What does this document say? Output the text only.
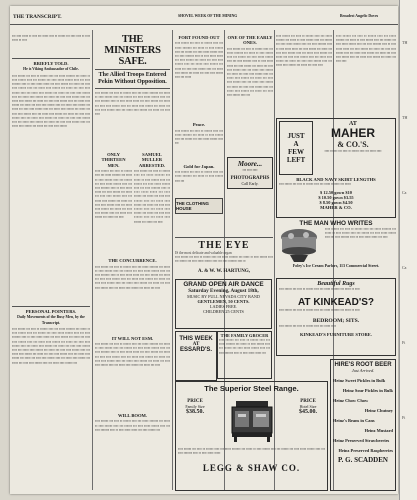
THE TRANSCRIPT.	SHOVEL WEEK OF THE MINING	Broadest Angelic Doves
▪▪▪ ▪▪▪▪ ▪▪▪▪▪ ▪▪ ▪▪▪▪ ▪▪▪ ▪▪▪▪▪ ▪▪▪▪ ▪▪ ▪▪▪▪▪▪ ▪▪▪ ▪▪▪▪ ▪▪▪▪ ▪▪ ▪▪▪▪ ▪▪▪▪▪ ▪▪ ▪▪▪▪
BRIEFLY TOLD.
He is Viking Ambassador of Chile.
▪▪▪▪ ▪▪▪▪▪▪ ▪▪▪ ▪▪▪▪ ▪▪ ▪▪▪▪▪▪ ▪▪▪▪ ▪▪▪ ▪▪▪▪▪ ▪▪▪▪▪▪▪ ▪▪▪ ▪▪▪▪▪ ▪▪ ▪▪▪▪ ▪▪▪▪▪▪ ▪▪▪▪ ▪▪▪ ▪▪▪▪▪▪ ▪▪▪ ▪▪▪▪ ▪▪▪▪▪ ▪▪▪▪▪▪ ▪▪▪▪ ▪▪▪ ▪▪▪▪ ▪▪▪▪▪▪▪ ▪▪▪▪ ▪▪ ▪▪▪▪ ▪▪▪▪▪ ▪▪▪▪▪ ▪▪▪ ▪▪▪▪ ▪▪▪▪▪▪ ▪▪▪ ▪▪▪▪▪ ▪▪▪ ▪▪▪▪ ▪▪▪▪ ▪▪▪▪▪▪ ▪▪▪▪ ▪▪▪ ▪▪▪▪▪ ▪▪▪▪ ▪▪▪▪▪▪ ▪▪▪ ▪▪▪▪▪ ▪▪▪ ▪▪▪▪ ▪▪▪▪ ▪▪▪▪▪▪ ▪▪▪▪ ▪▪▪ ▪▪▪▪▪ ▪▪▪▪ ▪▪▪▪▪▪ ▪▪▪ ▪▪▪▪▪ ▪▪▪ ▪▪▪▪ ▪▪▪▪ ▪▪▪▪▪▪ ▪▪▪▪ ▪▪▪ ▪▪▪▪▪ ▪▪▪▪ ▪▪▪▪▪▪ ▪▪▪ ▪▪▪▪▪ ▪▪▪ ▪▪▪▪ ▪▪▪▪ ▪▪▪▪▪▪ ▪▪▪▪ ▪▪▪ ▪▪▪▪▪ ▪▪▪▪ ▪▪▪▪▪▪ ▪▪▪ ▪▪▪▪▪ ▪▪▪ ▪▪▪▪ ▪▪▪▪ ▪▪▪▪▪▪ ▪▪▪▪ ▪▪▪ ▪▪▪▪▪ ▪▪▪▪ ▪▪▪▪▪▪ ▪▪▪ ▪▪▪▪▪ ▪▪▪ ▪▪▪▪ ▪▪▪▪ ▪▪▪▪▪▪ ▪▪▪▪ ▪▪▪ ▪▪▪▪▪ ▪▪▪▪ ▪▪▪▪▪▪ ▪▪▪ ▪▪▪▪▪ ▪▪▪ ▪▪▪▪ ▪▪▪▪ ▪▪▪▪▪▪ ▪▪▪▪ ▪▪▪ ▪▪▪▪▪ ▪▪▪▪ ▪▪▪▪▪▪ ▪▪▪ ▪▪▪▪▪ ▪▪▪ ▪▪▪▪ ▪▪▪▪ ▪▪▪▪▪▪ ▪▪▪▪ ▪▪▪ ▪▪▪▪▪ ▪▪▪▪ ▪▪▪▪▪▪ ▪▪▪ ▪▪▪▪▪ ▪▪▪ ▪▪▪▪ ▪▪▪▪ ▪▪▪▪▪▪ ▪▪▪▪ ▪▪▪ ▪▪▪▪▪ ▪▪▪▪ ▪▪▪▪▪▪ ▪▪▪ ▪▪▪▪▪ ▪▪▪ ▪▪▪▪ ▪▪▪▪ ▪▪▪▪▪▪ ▪▪▪▪ ▪▪▪ ▪▪▪▪▪ ▪▪▪▪ ▪▪▪▪▪▪ ▪▪▪ ▪▪▪▪▪ ▪▪▪ ▪▪▪▪ ▪▪▪▪ ▪▪▪▪▪▪ ▪▪▪▪ ▪▪▪ ▪▪▪▪▪ ▪▪▪▪ ▪▪▪▪▪▪ ▪▪▪ ▪▪▪▪▪ ▪▪▪ ▪▪▪▪ ▪▪▪▪ ▪▪▪▪▪▪
PERSONAL POINTERS.
Daily Movements of the Busy Men, by the Transcript.
▪▪▪▪ ▪▪▪▪▪▪ ▪▪▪ ▪▪▪▪ ▪▪ ▪▪▪▪▪▪ ▪▪▪▪ ▪▪▪ ▪▪▪▪▪ ▪▪▪▪▪▪▪ ▪▪▪ ▪▪▪▪▪ ▪▪ ▪▪▪▪ ▪▪▪▪▪▪ ▪▪▪▪ ▪▪▪ ▪▪▪▪▪▪ ▪▪▪ ▪▪▪▪ ▪▪▪▪▪ ▪▪▪▪▪▪ ▪▪▪▪ ▪▪▪ ▪▪▪▪ ▪▪▪▪▪▪▪ ▪▪▪▪ ▪▪ ▪▪▪▪ ▪▪▪▪▪ ▪▪▪▪▪ ▪▪▪ ▪▪▪▪ ▪▪▪▪▪▪ ▪▪▪ ▪▪▪▪▪ ▪▪▪ ▪▪▪▪ ▪▪▪▪ ▪▪▪▪▪▪ ▪▪▪▪ ▪▪▪ ▪▪▪▪▪ ▪▪▪▪ ▪▪▪▪▪▪ ▪▪▪ ▪▪▪▪▪ ▪▪▪ ▪▪▪▪ ▪▪▪▪ ▪▪▪▪▪▪ ▪▪▪▪ ▪▪▪ ▪▪▪▪▪ ▪▪▪▪ ▪▪▪▪▪▪ ▪▪▪ ▪▪▪▪▪ ▪▪▪ ▪▪▪▪ ▪▪▪▪ ▪▪▪▪▪▪ ▪▪▪▪ ▪▪▪ ▪▪▪▪▪ ▪▪▪▪ ▪▪▪▪▪▪ ▪▪▪ ▪▪▪▪▪ ▪▪▪ ▪▪▪▪ ▪▪▪▪ ▪▪▪▪▪▪ ▪▪▪▪ ▪▪▪ ▪▪▪▪▪ ▪▪▪▪ ▪▪▪▪▪▪ ▪▪▪ ▪▪▪▪▪ ▪▪▪ ▪▪▪▪ ▪▪▪▪ ▪▪▪▪▪▪ ▪▪▪▪ ▪▪▪ ▪▪▪▪▪ ▪▪▪▪ ▪▪▪▪▪▪ ▪▪▪ ▪▪▪▪▪ ▪▪▪ ▪▪▪▪ ▪▪▪▪ ▪▪▪▪▪▪ ▪▪▪▪ ▪▪▪ ▪▪▪▪▪ ▪▪▪▪ ▪▪▪▪▪▪ ▪▪▪ ▪▪▪▪▪ ▪▪▪ ▪▪▪▪ ▪▪▪▪ ▪▪▪▪▪▪ ▪▪▪▪ ▪▪▪ ▪▪▪▪▪ ▪▪▪▪ ▪▪▪▪▪▪ ▪▪▪
THE MINISTERS SAFE.
The Allied Troops Entered Pekin Without Opposition.
▪▪▪▪ ▪▪▪▪▪▪ ▪▪▪ ▪▪▪▪ ▪▪ ▪▪▪▪▪▪ ▪▪▪▪ ▪▪▪ ▪▪▪▪▪ ▪▪▪▪▪▪▪ ▪▪▪ ▪▪▪▪▪ ▪▪ ▪▪▪▪ ▪▪▪▪▪▪ ▪▪▪▪ ▪▪▪ ▪▪▪▪▪▪ ▪▪▪ ▪▪▪▪ ▪▪▪▪▪ ▪▪▪▪▪▪ ▪▪▪▪ ▪▪▪ ▪▪▪▪ ▪▪▪▪▪▪▪ ▪▪▪▪ ▪▪ ▪▪▪▪ ▪▪▪▪▪ ▪▪▪▪▪ ▪▪▪ ▪▪▪▪ ▪▪▪▪▪▪ ▪▪▪ ▪▪▪▪▪ ▪▪▪ ▪▪▪▪ ▪▪▪▪ ▪▪▪▪▪▪ ▪▪▪▪ ▪▪▪ ▪▪▪▪▪ ▪▪▪▪ ▪▪▪▪▪▪ ▪▪▪ ▪▪▪▪▪ ▪▪▪ ▪▪▪▪ ▪▪▪▪ ▪▪▪▪▪▪ ▪▪▪▪ ▪▪▪ ▪▪▪▪▪ ▪▪▪▪ ▪▪▪▪▪▪ ▪▪▪ ▪▪▪▪▪ ▪▪▪ ▪▪▪▪ ▪▪▪▪
ONLY THIRTEEN MEN.
▪▪▪▪ ▪▪▪▪▪▪ ▪▪▪ ▪▪▪▪ ▪▪ ▪▪▪▪▪▪ ▪▪▪▪ ▪▪▪ ▪▪▪▪▪ ▪▪▪▪▪▪▪ ▪▪▪ ▪▪▪▪▪ ▪▪ ▪▪▪▪ ▪▪▪▪▪▪ ▪▪▪▪ ▪▪▪ ▪▪▪▪▪▪ ▪▪▪ ▪▪▪▪ ▪▪▪▪▪ ▪▪▪▪▪▪ ▪▪▪▪ ▪▪▪ ▪▪▪▪ ▪▪▪▪▪▪▪ ▪▪▪▪ ▪▪ ▪▪▪▪ ▪▪▪▪▪ ▪▪▪▪▪ ▪▪▪ ▪▪▪▪ ▪▪▪▪▪▪ ▪▪▪ ▪▪▪▪▪ ▪▪▪ ▪▪▪▪ ▪▪▪▪ ▪▪▪▪▪▪ ▪▪▪▪ ▪▪▪ ▪▪▪▪▪ ▪▪▪▪ ▪▪▪▪▪▪ ▪▪▪ ▪▪▪▪▪ ▪▪▪ ▪▪▪▪ ▪▪▪▪ ▪▪▪▪▪▪ ▪▪▪▪ ▪▪▪ ▪▪▪▪▪ ▪▪▪▪ ▪▪▪▪▪▪ ▪▪▪ ▪▪▪▪▪ ▪▪▪ ▪▪▪▪ ▪▪▪▪ ▪▪▪▪▪▪ ▪▪▪▪ ▪▪▪ ▪▪▪▪▪ ▪▪▪▪ ▪▪▪▪▪▪ ▪▪▪ ▪▪▪▪▪ ▪▪▪ ▪▪▪▪
SAMUEL MULLER ARRESTED.
▪▪▪▪ ▪▪▪▪▪▪ ▪▪▪ ▪▪▪▪ ▪▪ ▪▪▪▪▪▪ ▪▪▪▪ ▪▪▪ ▪▪▪▪▪ ▪▪▪▪▪▪▪ ▪▪▪ ▪▪▪▪▪ ▪▪ ▪▪▪▪ ▪▪▪▪▪▪ ▪▪▪▪ ▪▪▪ ▪▪▪▪▪▪ ▪▪▪ ▪▪▪▪ ▪▪▪▪▪ ▪▪▪▪▪▪ ▪▪▪▪ ▪▪▪ ▪▪▪▪ ▪▪▪▪▪▪▪ ▪▪▪▪ ▪▪ ▪▪▪▪ ▪▪▪▪▪ ▪▪▪▪▪ ▪▪▪ ▪▪▪▪ ▪▪▪▪▪▪ ▪▪▪ ▪▪▪▪▪ ▪▪▪ ▪▪▪▪ ▪▪▪▪ ▪▪▪▪▪▪ ▪▪▪▪ ▪▪▪ ▪▪▪▪▪ ▪▪▪▪ ▪▪▪▪▪▪ ▪▪▪ ▪▪▪▪▪ ▪▪▪ ▪▪▪▪ ▪▪▪▪ ▪▪▪▪▪▪ ▪▪▪▪ ▪▪▪ ▪▪▪▪▪ ▪▪▪▪ ▪▪▪▪▪▪ ▪▪▪ ▪▪▪▪▪ ▪▪▪ ▪▪▪▪ ▪▪▪▪ ▪▪▪▪▪▪ ▪▪▪▪ ▪▪▪ ▪▪▪▪▪ ▪▪▪▪ ▪▪▪▪▪▪ ▪▪▪ ▪▪▪▪▪ ▪▪▪ ▪▪▪▪
THE CONCURRENCE.
▪▪▪▪ ▪▪▪▪▪▪ ▪▪▪ ▪▪▪▪ ▪▪ ▪▪▪▪▪▪ ▪▪▪▪ ▪▪▪ ▪▪▪▪▪ ▪▪▪▪▪▪▪ ▪▪▪ ▪▪▪▪▪ ▪▪ ▪▪▪▪ ▪▪▪▪▪▪ ▪▪▪▪ ▪▪▪ ▪▪▪▪▪▪ ▪▪▪ ▪▪▪▪ ▪▪▪▪▪ ▪▪▪▪▪▪ ▪▪▪▪ ▪▪▪ ▪▪▪▪ ▪▪▪▪▪▪▪ ▪▪▪▪ ▪▪ ▪▪▪▪ ▪▪▪▪▪ ▪▪▪▪▪ ▪▪▪ ▪▪▪▪ ▪▪▪▪▪▪ ▪▪▪ ▪▪▪▪▪ ▪▪▪ ▪▪▪▪ ▪▪▪▪ ▪▪▪▪▪▪ ▪▪▪▪ ▪▪▪ ▪▪▪▪▪ ▪▪▪▪ ▪▪▪▪▪▪ ▪▪▪ ▪▪▪▪▪ ▪▪▪ ▪▪▪▪ ▪▪▪▪ ▪▪▪▪▪▪ ▪▪▪▪ ▪▪▪ ▪▪▪▪▪ ▪▪▪▪ ▪▪▪▪▪▪ ▪▪▪ ▪▪▪▪▪ ▪▪▪ ▪▪▪▪ ▪▪▪▪ ▪▪▪▪▪▪ ▪▪▪▪ ▪▪▪ ▪▪▪▪▪ ▪▪▪▪ ▪▪▪▪▪▪ ▪▪▪ ▪▪▪▪▪ ▪▪▪ ▪▪▪▪
IT WILL NOT ESM.
▪▪▪▪ ▪▪▪▪▪▪ ▪▪▪ ▪▪▪▪ ▪▪ ▪▪▪▪▪▪ ▪▪▪▪ ▪▪▪ ▪▪▪▪▪ ▪▪▪▪▪▪▪ ▪▪▪ ▪▪▪▪▪ ▪▪ ▪▪▪▪ ▪▪▪▪▪▪ ▪▪▪▪ ▪▪▪ ▪▪▪▪▪▪ ▪▪▪ ▪▪▪▪ ▪▪▪▪▪ ▪▪▪▪▪▪ ▪▪▪▪ ▪▪▪ ▪▪▪▪ ▪▪▪▪▪▪▪ ▪▪▪▪ ▪▪ ▪▪▪▪ ▪▪▪▪▪ ▪▪▪▪▪ ▪▪▪ ▪▪▪▪ ▪▪▪▪▪▪ ▪▪▪ ▪▪▪▪▪ ▪▪▪ ▪▪▪▪ ▪▪▪▪ ▪▪▪▪▪▪ ▪▪▪▪ ▪▪▪ ▪▪▪▪▪ ▪▪▪▪ ▪▪▪▪▪▪ ▪▪▪ ▪▪▪▪▪ ▪▪▪ ▪▪▪▪ ▪▪▪▪ ▪▪▪▪▪▪ ▪▪▪▪ ▪▪▪ ▪▪▪▪▪ ▪▪▪▪ ▪▪▪▪▪▪ ▪▪▪ ▪▪▪▪▪ ▪▪▪ ▪▪▪▪ ▪▪▪▪ ▪▪▪▪▪▪ ▪▪▪▪ ▪▪▪ ▪▪▪▪▪ ▪▪▪▪ ▪▪▪▪▪▪ ▪▪▪ ▪▪▪▪▪ ▪▪▪ ▪▪▪▪
WILL BOOM.
▪▪▪▪ ▪▪▪▪▪▪ ▪▪▪ ▪▪▪▪ ▪▪ ▪▪▪▪▪▪ ▪▪▪▪ ▪▪▪ ▪▪▪▪▪ ▪▪▪▪▪▪▪ ▪▪▪ ▪▪▪▪▪ ▪▪ ▪▪▪▪ ▪▪▪▪▪▪ ▪▪▪▪ ▪▪▪ ▪▪▪▪▪▪ ▪▪▪ ▪▪▪▪ ▪▪▪▪▪ ▪▪▪▪▪▪ ▪▪▪▪ ▪▪▪ ▪▪▪▪ ▪▪▪▪▪▪▪ ▪▪▪▪ ▪▪ ▪▪▪▪ ▪▪▪▪▪ ▪▪▪▪▪ ▪▪▪ ▪▪▪▪ ▪▪▪▪▪▪ ▪▪▪
FORT FOUND OUT
▪▪▪▪ ▪▪▪▪▪▪ ▪▪▪ ▪▪▪▪ ▪▪ ▪▪▪▪▪▪ ▪▪▪▪ ▪▪▪ ▪▪▪▪▪ ▪▪▪▪▪▪▪ ▪▪▪ ▪▪▪▪▪ ▪▪ ▪▪▪▪ ▪▪▪▪▪▪ ▪▪▪▪ ▪▪▪ ▪▪▪▪▪▪ ▪▪▪ ▪▪▪▪ ▪▪▪▪▪ ▪▪▪▪▪▪ ▪▪▪▪ ▪▪▪ ▪▪▪▪ ▪▪▪▪▪▪▪ ▪▪▪▪ ▪▪ ▪▪▪▪ ▪▪▪▪▪ ▪▪▪▪▪ ▪▪▪ ▪▪▪▪ ▪▪▪▪▪▪ ▪▪▪ ▪▪▪▪▪ ▪▪▪ ▪▪▪▪ ▪▪▪▪ ▪▪▪▪▪▪ ▪▪▪▪ ▪▪▪ ▪▪▪▪▪ ▪▪▪▪ ▪▪▪▪▪▪ ▪▪▪ ▪▪▪▪▪ ▪▪▪ ▪▪▪▪ ▪▪▪▪ ▪▪▪▪▪▪ ▪▪▪▪ ▪▪▪ ▪▪▪▪▪ ▪▪▪▪ ▪▪▪▪▪▪ ▪▪▪ ▪▪▪▪▪ ▪▪▪ ▪▪▪▪ ▪▪▪▪ ▪▪▪▪▪▪ ▪▪▪▪ ▪▪▪ ▪▪▪▪▪
Peace.
▪▪▪▪ ▪▪▪▪▪▪ ▪▪▪ ▪▪▪▪ ▪▪ ▪▪▪▪▪▪ ▪▪▪▪ ▪▪▪ ▪▪▪▪▪ ▪▪▪▪▪▪▪ ▪▪▪ ▪▪▪▪▪ ▪▪ ▪▪▪▪ ▪▪▪▪▪▪ ▪▪▪▪ ▪▪▪ ▪▪▪▪▪▪ ▪▪▪ ▪▪▪▪ ▪▪▪▪▪ ▪▪▪▪▪▪ ▪▪▪▪ ▪▪▪
Gold for Japan.
▪▪▪▪ ▪▪▪▪▪▪ ▪▪▪ ▪▪▪▪ ▪▪ ▪▪▪▪▪▪ ▪▪▪▪ ▪▪▪ ▪▪▪▪▪ ▪▪▪▪▪▪▪ ▪▪▪ ▪▪▪▪▪ ▪▪ ▪▪▪▪ ▪▪▪▪▪▪ ▪▪▪▪ ▪▪▪
THE CLOTHING HOUSE
ONE OF THE EARLY ONES.
▪▪▪▪ ▪▪▪▪▪▪ ▪▪▪ ▪▪▪▪ ▪▪ ▪▪▪▪▪▪ ▪▪▪▪ ▪▪▪ ▪▪▪▪▪ ▪▪▪▪▪▪▪ ▪▪▪ ▪▪▪▪▪ ▪▪ ▪▪▪▪ ▪▪▪▪▪▪ ▪▪▪▪ ▪▪▪ ▪▪▪▪▪▪ ▪▪▪ ▪▪▪▪ ▪▪▪▪▪ ▪▪▪▪▪▪ ▪▪▪▪ ▪▪▪ ▪▪▪▪ ▪▪▪▪▪▪▪ ▪▪▪▪ ▪▪ ▪▪▪▪ ▪▪▪▪▪ ▪▪▪▪▪ ▪▪▪ ▪▪▪▪ ▪▪▪▪▪▪ ▪▪▪ ▪▪▪▪▪ ▪▪▪ ▪▪▪▪ ▪▪▪▪ ▪▪▪▪▪▪ ▪▪▪▪ ▪▪▪ ▪▪▪▪▪ ▪▪▪▪ ▪▪▪▪▪▪ ▪▪▪ ▪▪▪▪▪ ▪▪▪ ▪▪▪▪ ▪▪▪▪ ▪▪▪▪▪▪ ▪▪▪▪ ▪▪▪ ▪▪▪▪▪ ▪▪▪▪ ▪▪▪▪▪▪ ▪▪▪ ▪▪▪▪▪ ▪▪▪ ▪▪▪▪ ▪▪▪▪ ▪▪▪▪▪▪ ▪▪▪▪ ▪▪▪ ▪▪▪▪▪ ▪▪▪▪ ▪▪▪▪▪▪ ▪▪▪ ▪▪▪▪▪ ▪▪▪ ▪▪▪▪ ▪▪▪▪ ▪▪▪▪▪▪ ▪▪▪▪ ▪▪▪ ▪▪▪▪▪ ▪▪▪▪ ▪▪▪▪▪▪ ▪▪▪ ▪▪▪▪▪ ▪▪▪ ▪▪▪▪ ▪▪▪▪ ▪▪▪▪▪▪ ▪▪▪▪ ▪▪▪
Moore...
▪▪▪ ▪▪▪▪ ▪▪▪▪
PHOTOGRAPHS
Call Early.
THE EYE
IS the most delicate and valuable organ
▪▪▪▪ ▪▪▪▪▪▪ ▪▪▪ ▪▪▪▪ ▪▪ ▪▪▪▪▪▪ ▪▪▪▪ ▪▪▪ ▪▪▪▪▪ ▪▪▪▪▪▪▪ ▪▪▪ ▪▪▪▪▪ ▪▪ ▪▪▪▪ ▪▪▪▪▪▪ ▪▪▪▪ ▪▪▪ ▪▪▪▪▪▪ ▪▪▪ ▪▪▪▪ ▪▪▪▪▪ ▪▪▪▪▪▪ ▪▪▪▪ ▪▪▪ ▪▪▪▪ ▪▪▪▪▪▪▪ ▪▪▪▪ ▪▪
A. & W. W. HARTUNG,
GRAND OPEN AIR DANCE
Saturday Evening, August 18th,
MUSIC BY FULL NEVADA CITY BAND
GENTLEMEN, 50 CENTS.
LADIES FREE.
CHILDREN 25 CENTS
THIS WEEK
AT
ESSARD'S.
THE FAMILY GROCER
▪▪▪▪ ▪▪▪▪▪▪ ▪▪▪ ▪▪▪▪ ▪▪ ▪▪▪▪▪▪ ▪▪▪▪ ▪▪▪ ▪▪▪▪▪ ▪▪▪▪▪▪▪ ▪▪▪ ▪▪▪▪▪ ▪▪ ▪▪▪▪ ▪▪▪▪▪▪ ▪▪▪▪ ▪▪▪ ▪▪▪▪▪▪ ▪▪▪ ▪▪▪▪ ▪▪▪▪▪ ▪▪▪▪▪▪ ▪▪▪▪ ▪▪▪ ▪▪▪▪ ▪▪▪▪▪▪▪ ▪▪▪▪ ▪▪ ▪▪▪▪ ▪▪▪▪▪ ▪▪▪▪▪ ▪▪▪
The Superior Steel Range.
PRICE
Family Size
$38.50.
PRICE
Hotel Size
$45.00.
▪▪▪▪ ▪▪▪▪▪▪ ▪▪▪ ▪▪▪▪ ▪▪ ▪▪▪▪▪▪ ▪▪▪▪ ▪▪▪ ▪▪▪▪▪ ▪▪▪▪▪▪▪ ▪▪▪ ▪▪▪▪▪ ▪▪ ▪▪▪▪ ▪▪▪▪▪▪ ▪▪▪▪ ▪▪▪ ▪▪▪▪▪▪ ▪▪▪ ▪▪▪▪ ▪▪▪▪▪ ▪▪▪▪▪▪ ▪▪▪▪ ▪▪▪ ▪▪▪▪ ▪▪▪▪▪▪▪ ▪▪▪▪ ▪▪ ▪▪▪▪ ▪▪▪▪▪ ▪▪▪▪▪
LEGG & SHAW CO.
▪▪▪▪ ▪▪▪▪▪▪ ▪▪▪ ▪▪▪▪ ▪▪ ▪▪▪▪▪▪ ▪▪▪▪ ▪▪▪ ▪▪▪▪▪ ▪▪▪▪▪▪▪ ▪▪▪ ▪▪▪▪▪ ▪▪ ▪▪▪▪ ▪▪▪▪▪▪ ▪▪▪▪ ▪▪▪ ▪▪▪▪▪▪ ▪▪▪ ▪▪▪▪ ▪▪▪▪▪ ▪▪▪▪▪▪ ▪▪▪▪ ▪▪▪ ▪▪▪▪ ▪▪▪▪▪▪▪ ▪▪▪▪ ▪▪ ▪▪▪▪ ▪▪▪▪▪ ▪▪▪▪▪ ▪▪▪ ▪▪▪▪ ▪▪▪▪▪▪ ▪▪▪ ▪▪▪▪▪ ▪▪▪ ▪▪▪▪ ▪▪▪▪ ▪▪▪▪▪▪ ▪▪▪▪ ▪▪▪ ▪▪▪▪▪ ▪▪▪▪ ▪▪▪▪▪▪ ▪▪▪ ▪▪▪▪▪ ▪▪▪ ▪▪▪▪ ▪▪▪▪ ▪▪▪▪▪▪ ▪▪▪▪ ▪▪▪ ▪▪▪▪▪ ▪▪▪▪ ▪▪▪▪▪▪ ▪▪▪ ▪▪▪▪▪ ▪▪▪ ▪▪▪▪ ▪▪▪▪ ▪▪▪▪▪▪ ▪▪▪▪ ▪▪▪ ▪▪▪▪▪ ▪▪▪▪ ▪▪▪▪▪▪ ▪▪▪ ▪▪▪▪▪ ▪▪▪ ▪▪▪▪ ▪▪▪▪
▪▪▪▪ ▪▪▪▪▪▪ ▪▪▪ ▪▪▪▪ ▪▪ ▪▪▪▪▪▪ ▪▪▪▪ ▪▪▪ ▪▪▪▪▪ ▪▪▪▪▪▪▪ ▪▪▪ ▪▪▪▪▪ ▪▪ ▪▪▪▪ ▪▪▪▪▪▪ ▪▪▪▪ ▪▪▪ ▪▪▪▪▪▪ ▪▪▪ ▪▪▪▪ ▪▪▪▪▪ ▪▪▪▪▪▪ ▪▪▪▪ ▪▪▪ ▪▪▪▪ ▪▪▪▪▪▪▪ ▪▪▪▪ ▪▪ ▪▪▪▪ ▪▪▪▪▪ ▪▪▪▪▪ ▪▪▪ ▪▪▪▪ ▪▪▪▪▪▪ ▪▪▪ ▪▪▪▪▪ ▪▪▪ ▪▪▪▪ ▪▪▪▪ ▪▪▪▪▪▪ ▪▪▪▪ ▪▪▪ ▪▪▪▪▪ ▪▪▪▪ ▪▪▪▪▪▪ ▪▪▪ ▪▪▪▪▪ ▪▪▪ ▪▪▪▪ ▪▪▪▪ ▪▪▪▪▪▪ ▪▪▪▪ ▪▪▪ ▪▪▪▪▪ ▪▪▪▪ ▪▪▪▪▪▪ ▪▪▪ ▪▪▪▪▪ ▪▪▪ ▪▪▪▪ ▪▪▪▪
JUST
A
FEW
LEFT
AT
MAHER
& CO.'S.
▪▪▪▪ ▪▪▪▪▪▪ ▪▪▪ ▪▪▪▪ ▪▪ ▪▪▪▪▪▪ ▪▪▪▪ ▪▪▪ ▪▪▪▪▪ ▪▪▪▪
BLACK AND NAVY SKIRT LENGTHS
▪▪▪▪ ▪▪▪▪▪▪ ▪▪▪ ▪▪▪▪ ▪▪ ▪▪▪▪▪▪ ▪▪▪▪ ▪▪▪ ▪▪▪▪▪ ▪▪▪▪▪▪▪ ▪▪▪ ▪▪▪▪▪
$ 12.50 gown $10
$ 10.50 gown $3.55
$ 8.50 gown $4.50
MAHER & CO.
THE MAN WHO WRITES
▪▪▪▪ ▪▪▪▪▪▪ ▪▪▪ ▪▪▪▪ ▪▪ ▪▪▪▪▪▪ ▪▪▪▪ ▪▪▪ ▪▪▪▪▪ ▪▪▪▪▪▪▪ ▪▪▪ ▪▪▪▪▪ ▪▪ ▪▪▪▪ ▪▪▪▪▪▪ ▪▪▪▪ ▪▪▪ ▪▪▪▪▪▪ ▪▪▪ ▪▪▪▪ ▪▪▪▪▪ ▪▪▪▪▪▪ ▪▪▪▪ ▪▪▪ ▪▪▪▪ ▪▪▪▪▪▪▪ ▪▪▪▪ ▪▪ ▪▪▪▪ ▪▪▪▪▪ ▪▪▪▪▪ ▪▪▪ ▪▪▪▪
Foley's Ice Cream Parlors, 113 Commercial Street.
Beautiful Rugs
▪▪▪▪ ▪▪▪▪▪▪ ▪▪▪ ▪▪▪▪ ▪▪ ▪▪▪▪▪▪ ▪▪▪▪ ▪▪▪ ▪▪▪▪▪ ▪▪▪▪▪▪▪ ▪▪▪ ▪▪▪▪▪ ▪▪ ▪▪▪▪
AT KINKEAD'S?
▪▪▪▪ ▪▪▪▪▪▪ ▪▪▪ ▪▪▪▪ ▪▪ ▪▪▪▪▪▪ ▪▪▪▪ ▪▪▪ ▪▪▪▪▪ ▪▪▪▪▪▪▪ ▪▪▪ ▪▪▪▪▪ ▪▪ ▪▪▪▪
BEDROOM; SITS.
▪▪▪▪ ▪▪▪▪▪▪ ▪▪▪ ▪▪▪▪ ▪▪ ▪▪▪▪▪▪ ▪▪▪▪ ▪▪▪ ▪▪▪▪▪ ▪▪▪▪
KINKEAD'S FURNITURE STORE.
HIRE'S ROOT BEER
Just Arrived.
Heinz Sweet Pickles in Bulk
Heinz Sour Pickles in Bulk
Heinz Chow Chow
Heinz Chutney
Heinz's Beans in Cans
Heinz Mustard
Heinz Preserved Strawberries
Heinz Preserved Raspberries
P. G. SCADDEN
TH
TH
Ca
Ca
Fi
Fi
